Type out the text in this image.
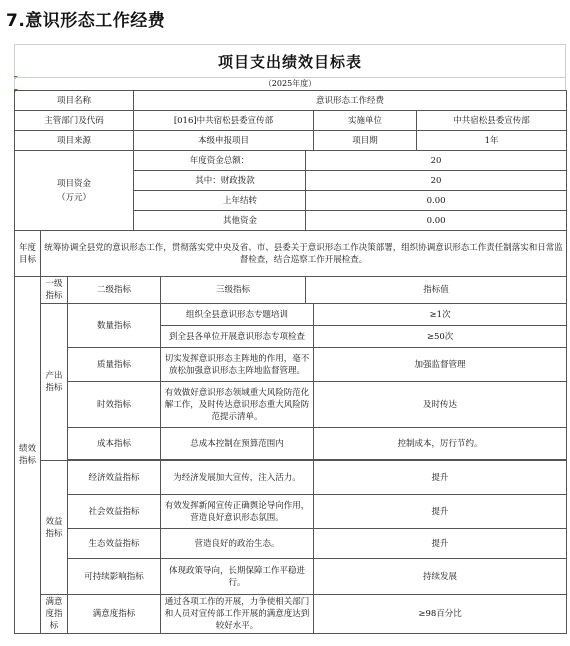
7.意识形态工作经费
项目支出绩效目标表
（2025年度）
项目名称			意识形态工作经费				
主管部门及代码			[016]中共宿松县委宣传部			实施单位	中共宿松县委宣传部
项目来源			本级申报项目			项目期	1年
项目资金
（万元）			年度资金总额：		20		
			其中：财政拨款		20		
			上年结转		0.00		
			其他资金		0.00		
年度目标	统筹协调全县党的意识形态工作，贯彻落实党中央及省、市、县委关于意识形态工作决策部署，组织协调意识形态工作责任制落实和日常监督检查，结合巡察工作开展检查。						
绩效指标	一级指标	二级指标		三级指标	指标值		
	产出指标	数量指标		组织全县意识形态专题培训		≥1次	
				到全县各单位开展意识形态专项检查		≥50次	
		质量指标		切实发挥意识形态主阵地的作用，毫不放松加强意识形态主阵地监督管理。		加强监督管理	
		时效指标		有效做好意识形态领域重大风险防范化解工作，及时传达意识形态重大风险防范提示清单。		及时传达	
		成本指标		总成本控制在预算范围内		控制成本，厉行节约。	

	效益指标	经济效益指标		为经济发展加大宣传，注入活力。		提升	
		社会效益指标		有效发挥新闻宣传正确舆论导向作用，营造良好意识形态氛围。		提升	
		生态效益指标		营造良好的政治生态。		提升	
		可持续影响指标		体现政策导向，长期保障工作平稳进行。		持续发展	
	满意度指标	满意度指标		通过各项工作的开展，力争使相关部门和人员对宣传部工作开展的满意度达到较好水平。		≥98百分比	
